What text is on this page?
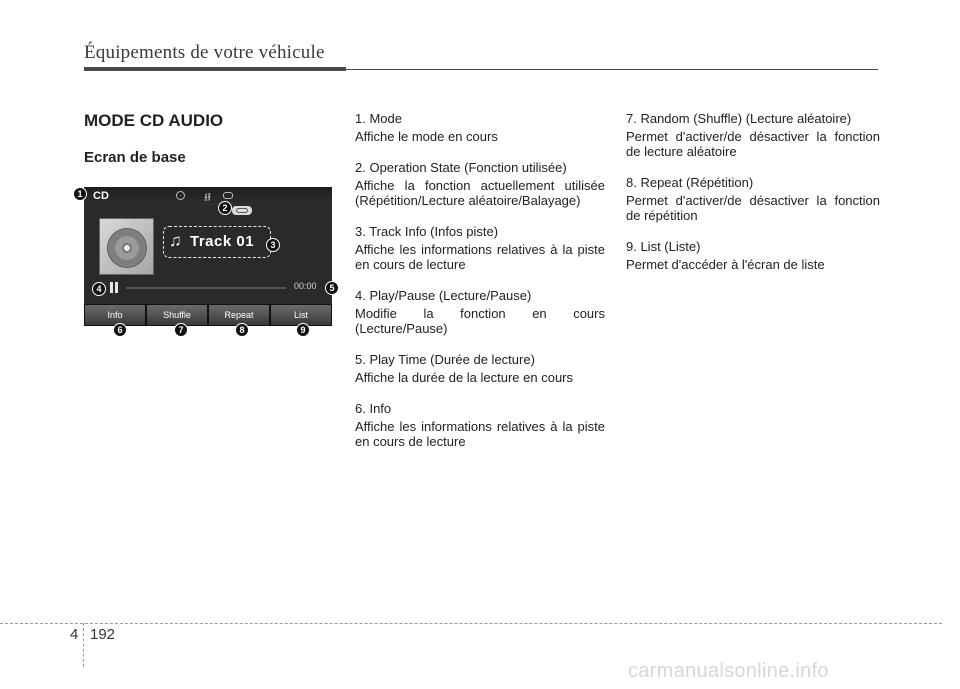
Équipements de votre véhicule
MODE CD AUDIO
Ecran de base
CD	⭿
♫ Track 01
00:00
Info	Shuffle	Repeat	List
1
2
3
4	5
6	7	8	9
1. Mode
Affiche le mode en cours
2. Operation State (Fonction utilisée)
Affiche la fonction actuellement utilisée (Répétition/Lecture aléatoire/Balayage)
3. Track Info (Infos piste)
Affiche les informations relatives à la piste en cours de lecture
4. Play/Pause (Lecture/Pause)
Modifie la fonction en cours (Lecture/Pause)
5. Play Time (Durée de lecture)
Affiche la durée de la lecture en cours
6. Info
Affiche les informations relatives à la piste en cours de lecture
7. Random (Shuffle) (Lecture aléatoire)
Permet d'activer/de désactiver la fonction de lecture aléatoire
8. Repeat (Répétition)
Permet d'activer/de désactiver la fonction de répétition
9. List (Liste)
Permet d'accéder à l'écran de liste
4 192
carmanualsonline.info
